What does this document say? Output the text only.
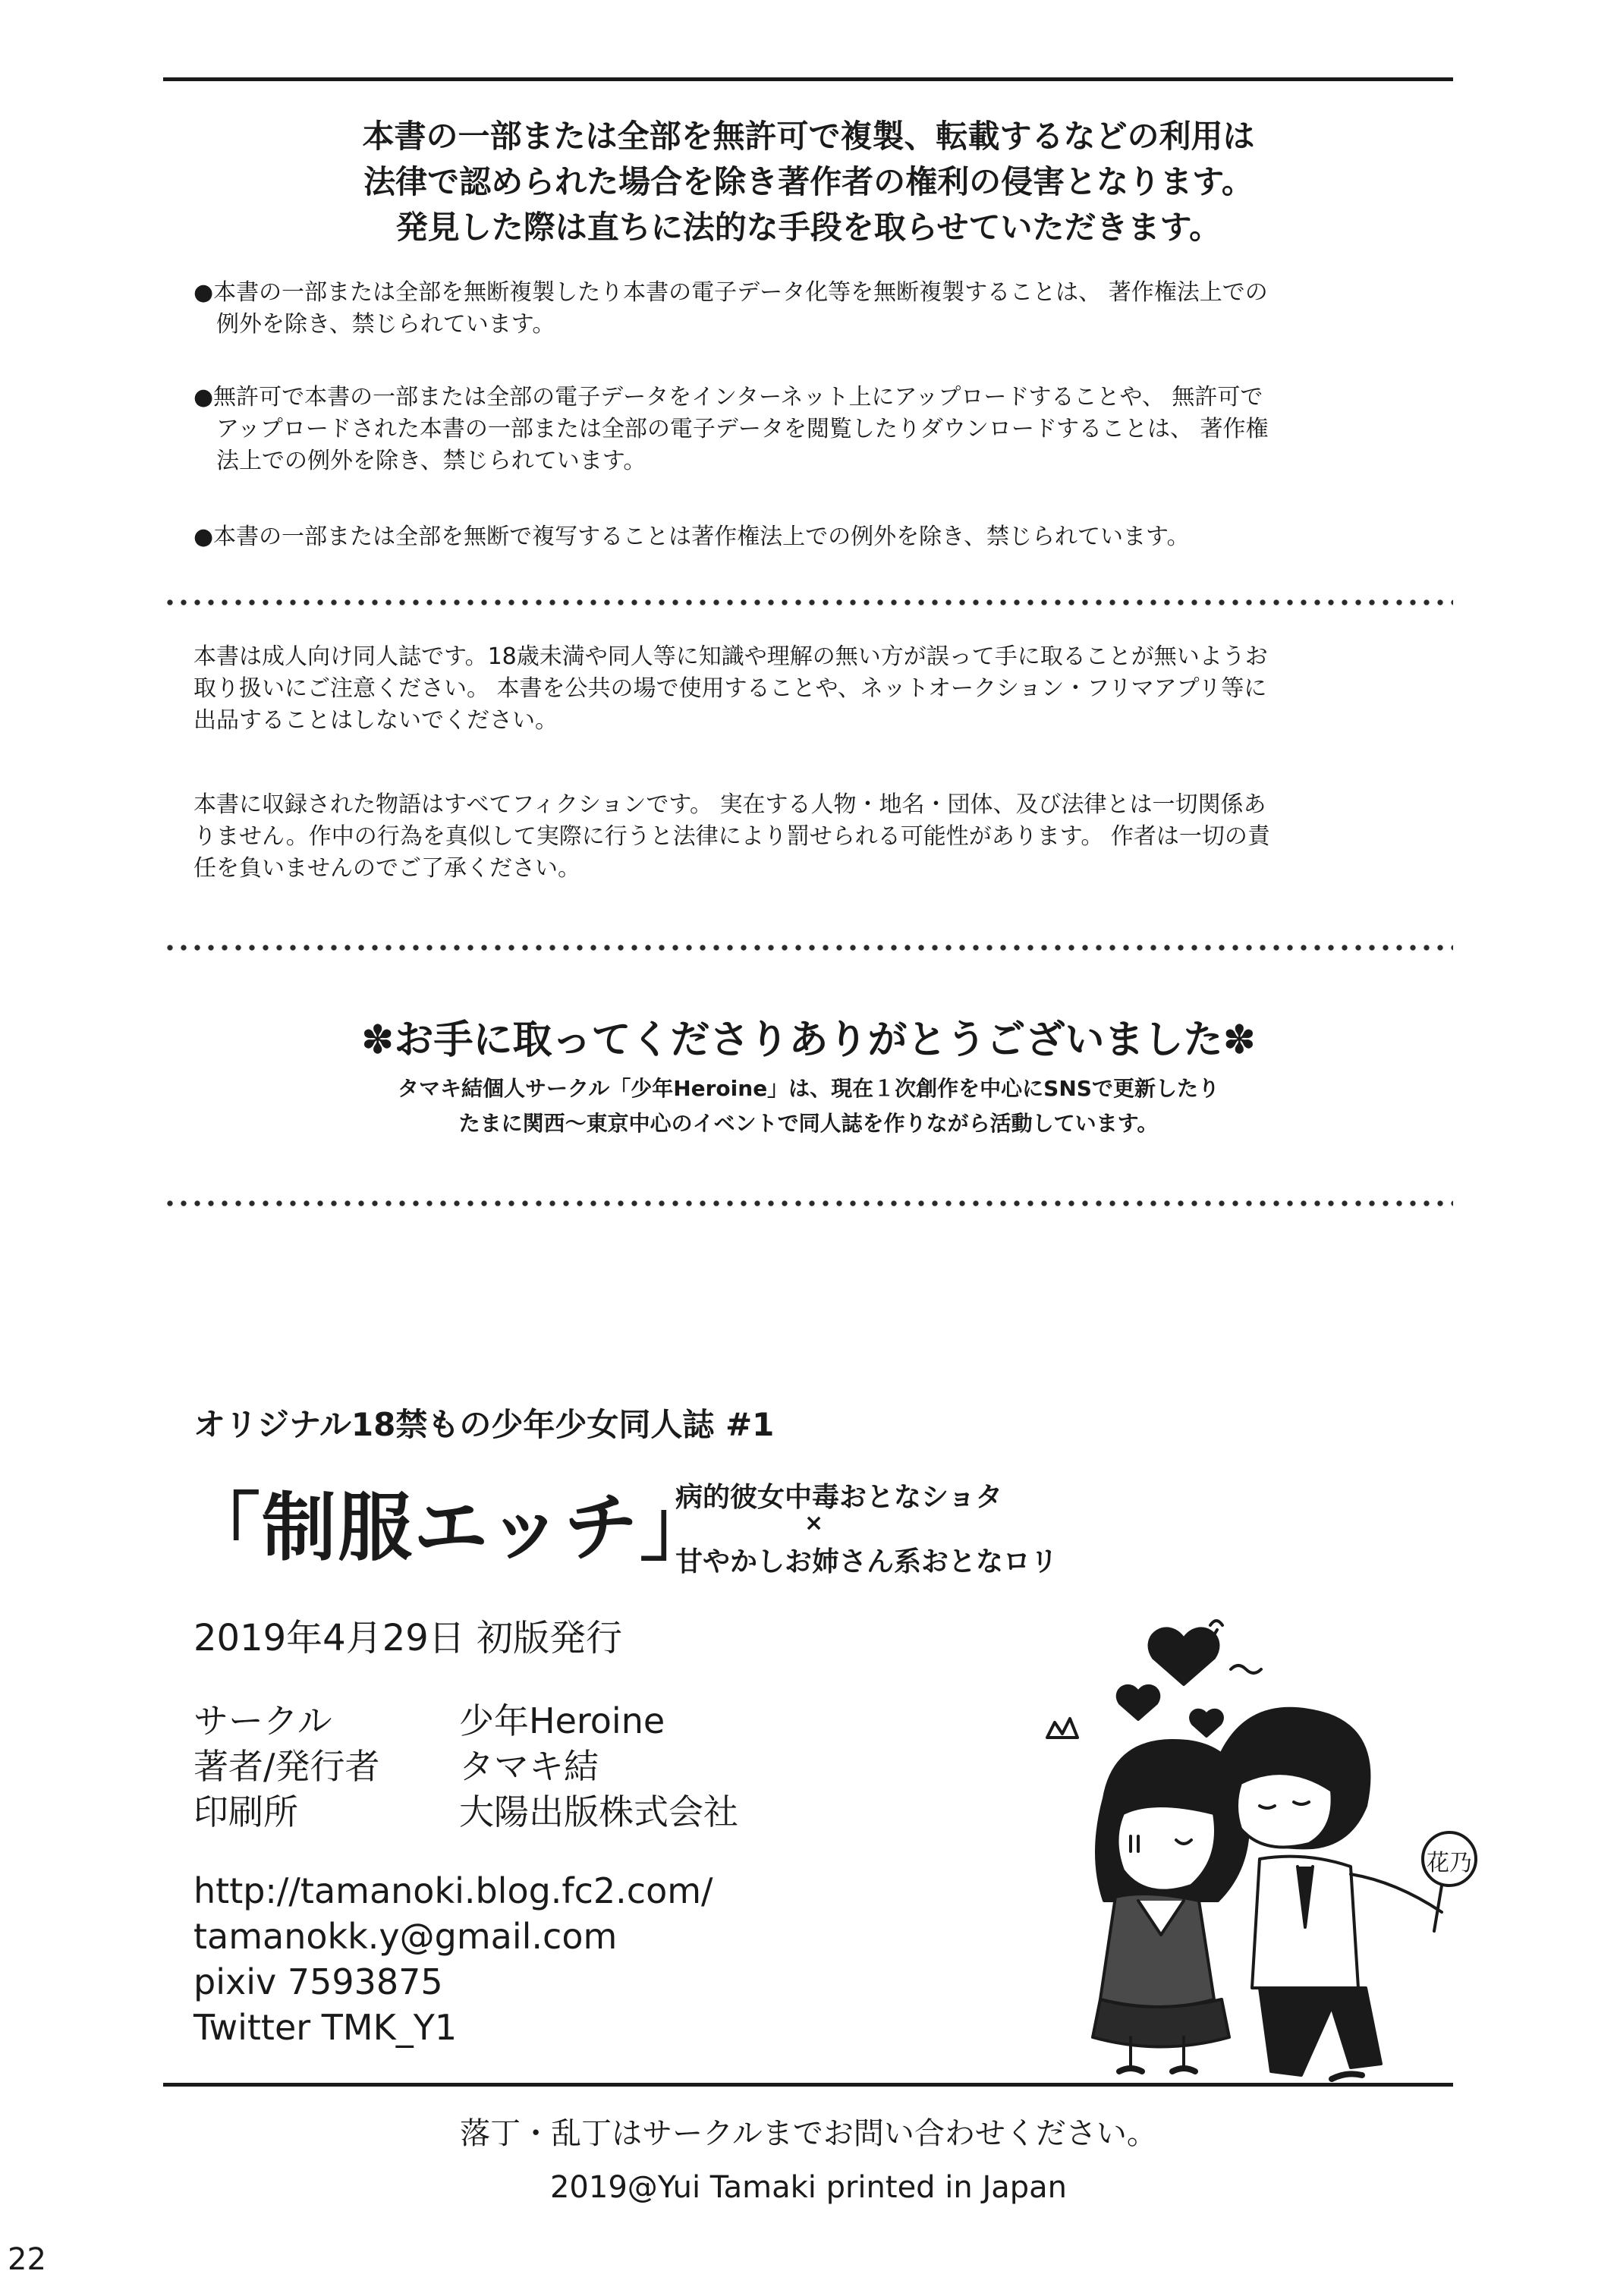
本書の一部または全部を無許可で複製、転載するなどの利用は
法律で認められた場合を除き著作者の権利の侵害となります。
発見した際は直ちに法的な手段を取らせていただきます。
●本書の一部または全部を無断複製したり本書の電子データ化等を無断複製することは、 著作権法上での
例外を除き、禁じられています。
●無許可で本書の一部または全部の電子データをインターネット上にアップロードすることや、 無許可で
アップロードされた本書の一部または全部の電子データを閲覧したりダウンロードすることは、 著作権
法上での例外を除き、禁じられています。
●本書の一部または全部を無断で複写することは著作権法上での例外を除き、禁じられています。
本書は成人向け同人誌です。18歳未満や同人等に知識や理解の無い方が誤って手に取ることが無いようお
取り扱いにご注意ください。 本書を公共の場で使用することや、ネットオークション・フリマアプリ等に
出品することはしないでください。
本書に収録された物語はすべてフィクションです。 実在する人物・地名・団体、及び法律とは一切関係あ
りません。作中の行為を真似して実際に行うと法律により罰せられる可能性があります。 作者は一切の責
任を負いませんのでご了承ください。
✽お手に取ってくださりありがとうございました✽
タマキ結個人サークル「少年Heroine」は、現在１次創作を中心にSNSで更新したり
たまに関西～東京中心のイベントで同人誌を作りながら活動しています。
オリジナル18禁もの少年少女同人誌 #1
「制服エッチ」
病的彼女中毒おとなショタ
×
甘やかしお姉さん系おとなロリ
2019年4月29日 初版発行
サークル	少年Heroine
著者/発行者 タマキ結
印刷所	大陽出版株式会社
http://tamanoki.blog.fc2.com/
tamanokk.y@gmail.com
pixiv 7593875
Twitter TMK_Y1
花乃
落丁・乱丁はサークルまでお問い合わせください。
2019@Yui Tamaki printed in Japan
22
